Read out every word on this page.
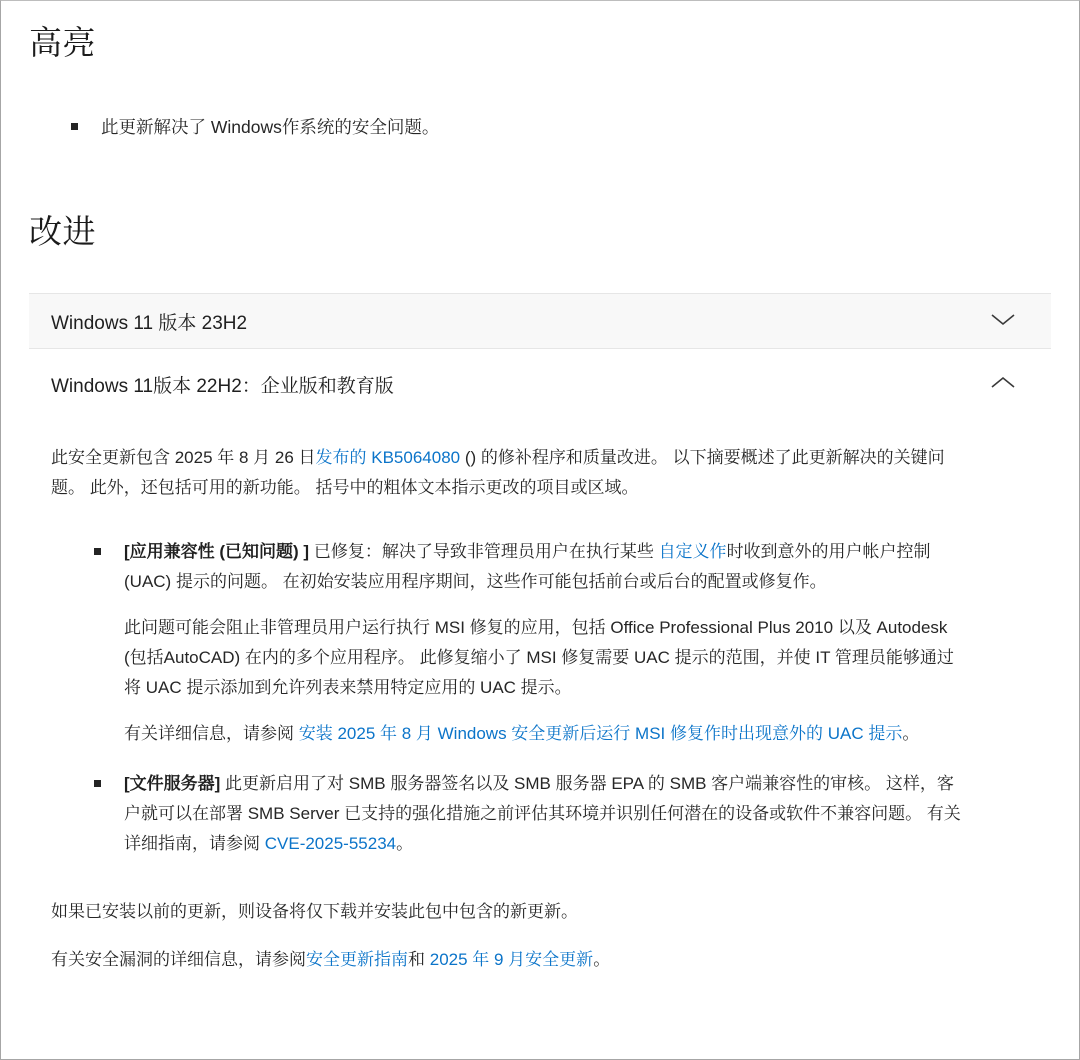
高亮
此更新解决了 Windows作系统的安全问题。
改进
Windows 11 版本 23H2
Windows 11版本 22H2：企业版和教育版

此安全更新包含 2025 年 8 月 26 日发布的 KB5064080 () 的修补程序和质量改进。 以下摘要概述了此更新解决的关键问题。 此外，还包括可用的新功能。 括号中的粗体文本指示更改的项目或区域。

[应用兼容性 (已知问题) ] 已修复：解决了导致非管理员用户在执行某些 自定义作时收到意外的用户帐户控制 (UAC) 提示的问题。 在初始安装应用程序期间，这些作可能包括前台或后台的配置或修复作。

此问题可能会阻止非管理员用户运行执行 MSI 修复的应用，包括 Office Professional Plus 2010 以及 Autodesk (包括AutoCAD) 在内的多个应用程序。 此修复缩小了 MSI 修复需要 UAC 提示的范围，并使 IT 管理员能够通过将 UAC 提示添加到允许列表来禁用特定应用的 UAC 提示。

有关详细信息，请参阅 安装 2025 年 8 月 Windows 安全更新后运行 MSI 修复作时出现意外的 UAC 提示。

[文件服务器] 此更新启用了对 SMB 服务器签名以及 SMB 服务器 EPA 的 SMB 客户端兼容性的审核。 这样，客户就可以在部署 SMB Server 已支持的强化措施之前评估其环境并识别任何潜在的设备或软件不兼容问题。 有关详细指南，请参阅 CVE-2025-55234。

如果已安装以前的更新，则设备将仅下载并安装此包中包含的新更新。

有关安全漏洞的详细信息，请参阅安全更新指南和 2025 年 9 月安全更新。
